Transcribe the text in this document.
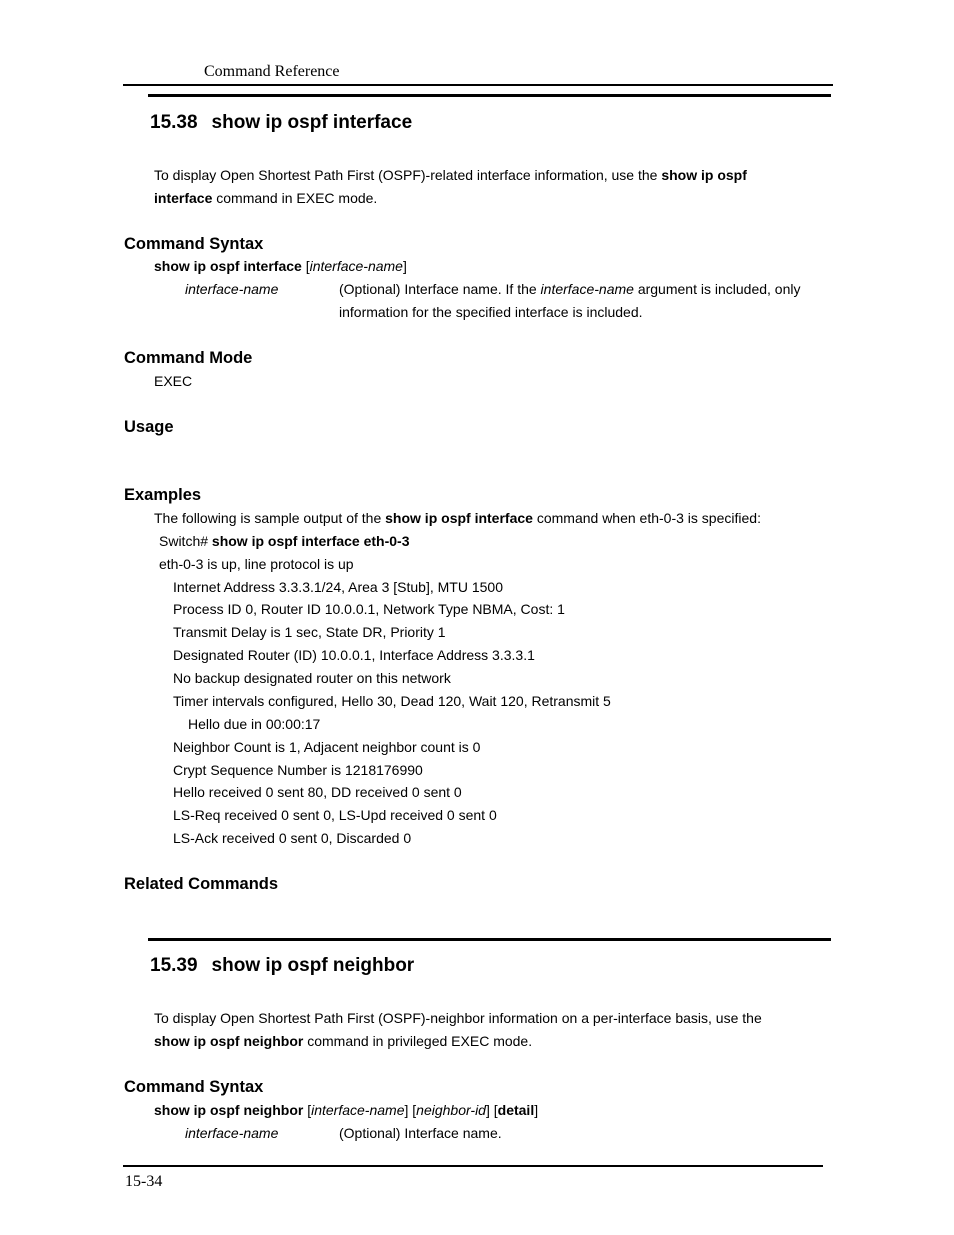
Command Reference
15.38 show ip ospf interface
To display Open Shortest Path First (OSPF)-related interface information, use the show ip ospf
interface command in EXEC mode.
Command Syntax
show ip ospf interface [interface-name]
interface-name	(Optional) Interface name. If the interface-name argument is included, only
information for the specified interface is included.
Command Mode
EXEC
Usage
Examples
The following is sample output of the show ip ospf interface command when eth-0-3 is specified:
Switch# show ip ospf interface eth-0-3
eth-0-3 is up, line protocol is up
Internet Address 3.3.3.1/24, Area 3 [Stub], MTU 1500
Process ID 0, Router ID 10.0.0.1, Network Type NBMA, Cost: 1
Transmit Delay is 1 sec, State DR, Priority 1
Designated Router (ID) 10.0.0.1, Interface Address 3.3.3.1
No backup designated router on this network
Timer intervals configured, Hello 30, Dead 120, Wait 120, Retransmit 5
Hello due in 00:00:17
Neighbor Count is 1, Adjacent neighbor count is 0
Crypt Sequence Number is 1218176990
Hello received 0 sent 80, DD received 0 sent 0
LS-Req received 0 sent 0, LS-Upd received 0 sent 0
LS-Ack received 0 sent 0, Discarded 0
Related Commands
15.39 show ip ospf neighbor
To display Open Shortest Path First (OSPF)-neighbor information on a per-interface basis, use the
show ip ospf neighbor command in privileged EXEC mode.
Command Syntax
show ip ospf neighbor [interface-name] [neighbor-id] [detail]
interface-name	(Optional) Interface name.
15-34
